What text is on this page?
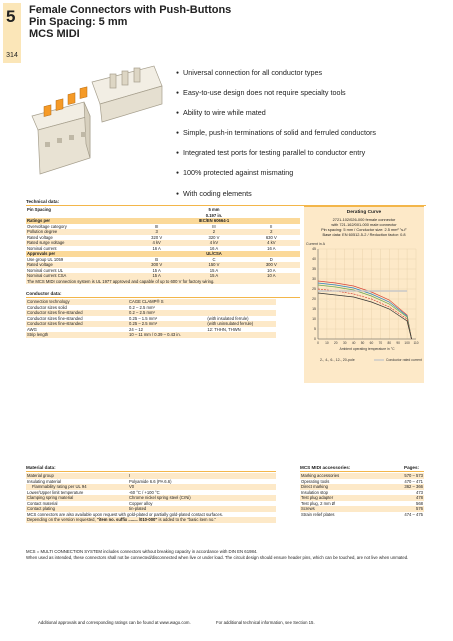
5
314
Female Connectors with Push-Buttons
Pin Spacing: 5 mm
MCS MIDI
● Universal connection for all conductor types
● Easy-to-use design does not require specialty tools
● Ability to wire while mated
● Simple, push-in terminations of solid and ferruled conductors
● Integrated test ports for testing parallel to conductor entry
● 100% protected against mismating
● With coding elements
Technical data:
Pin Spacing	5 mm		
	0.197 in.		
Ratings per	IEC/EN 60664-1		
Overvoltage category	III	III	II
Pollution degree	3	2	2
Rated voltage	320 V	320 V	630 V
Rated surge voltage	4 kV	4 kV	4 kV
Nominal current	16 A	16 A	16 A
Approvals per	UL/CSA		
Use group UL 1059	B	C	D
Rated voltage	300 V	150 V	300 V
Nominal current UL	15 A	15 A	10 A
Nominal current CSA	15 A	15 A	10 A
The MCS MIDI connection system is UL 1977 approved and capable of up to 600 V for factory wiring.			
Conductor data:
Connection technology	CAGE CLAMP® S	
Conductor sizes solid	0.2 – 2.5 mm²	
Conductor sizes fine-stranded	0.2 – 2.5 mm²	
Conductor sizes fine-stranded	0.25 – 1.5 mm²	(with insulated ferrule)
Conductor sizes fine-stranded	0.25 – 2.5 mm²	(with uninsulated ferrule)
AWG	24 – 12	12: THHN, THWN
Strip length	10 – 11 mm / 0.39 – 0.43 in.	
Derating Curve
2721-102/026-000 female connector
with 721-162/001-000 male connector
Pin spacing: 5 mm / Conductor size: 2.5 mm² "s-f"
Base data: EN 60512-5-2 / Reduction factor: 0.8
Current in A
0
5
10
15
20
25
30
35
40
45
0 10 20 30 40 50 60 70 80 90 100 110
Ambient operating temperature in °C
2-, 4-, 6-, 12-, 20-pole	Conductor rated current
Material data:
Material group	I
Insulating material	Polyamide 6.6 (PA 6.6)
Flammability rating per UL 94	V0
Lower/Upper limit temperature	-60 °C / +100 °C
Clamping spring material	Chrome nickel spring steel (CrNi)
Contact material	Copper alloy
Contact plating	tin-plated
MCS connectors are also available upon request with gold-plated or partially gold-plated contact surfaces.	
Depending on the version requested, "item no. suffix ........ /010-000" is added to the "basic item no."	
MCS MIDI accessories:	Pages:
Marking accessories	570 – 573
Operating tools	470 – 471
Direct marking	362 – 366
Insulation stop	473
Test plug adapter	478
Test plug, 2 mm Ø	568
Screws	576
Strain relief plates	474 – 475
MCS = MULTI CONNECTION SYSTEM includes connectors without breaking capacity in accordance with DIN EN 61984.
When used as intended, these connectors shall not be connected/disconnected when live or under load. The circuit design should ensure header pins, which can be touched, are not live when unmated.
Additional approvals and corresponding ratings can be found at www.wago.com.	For additional technical information, see Section 15.
